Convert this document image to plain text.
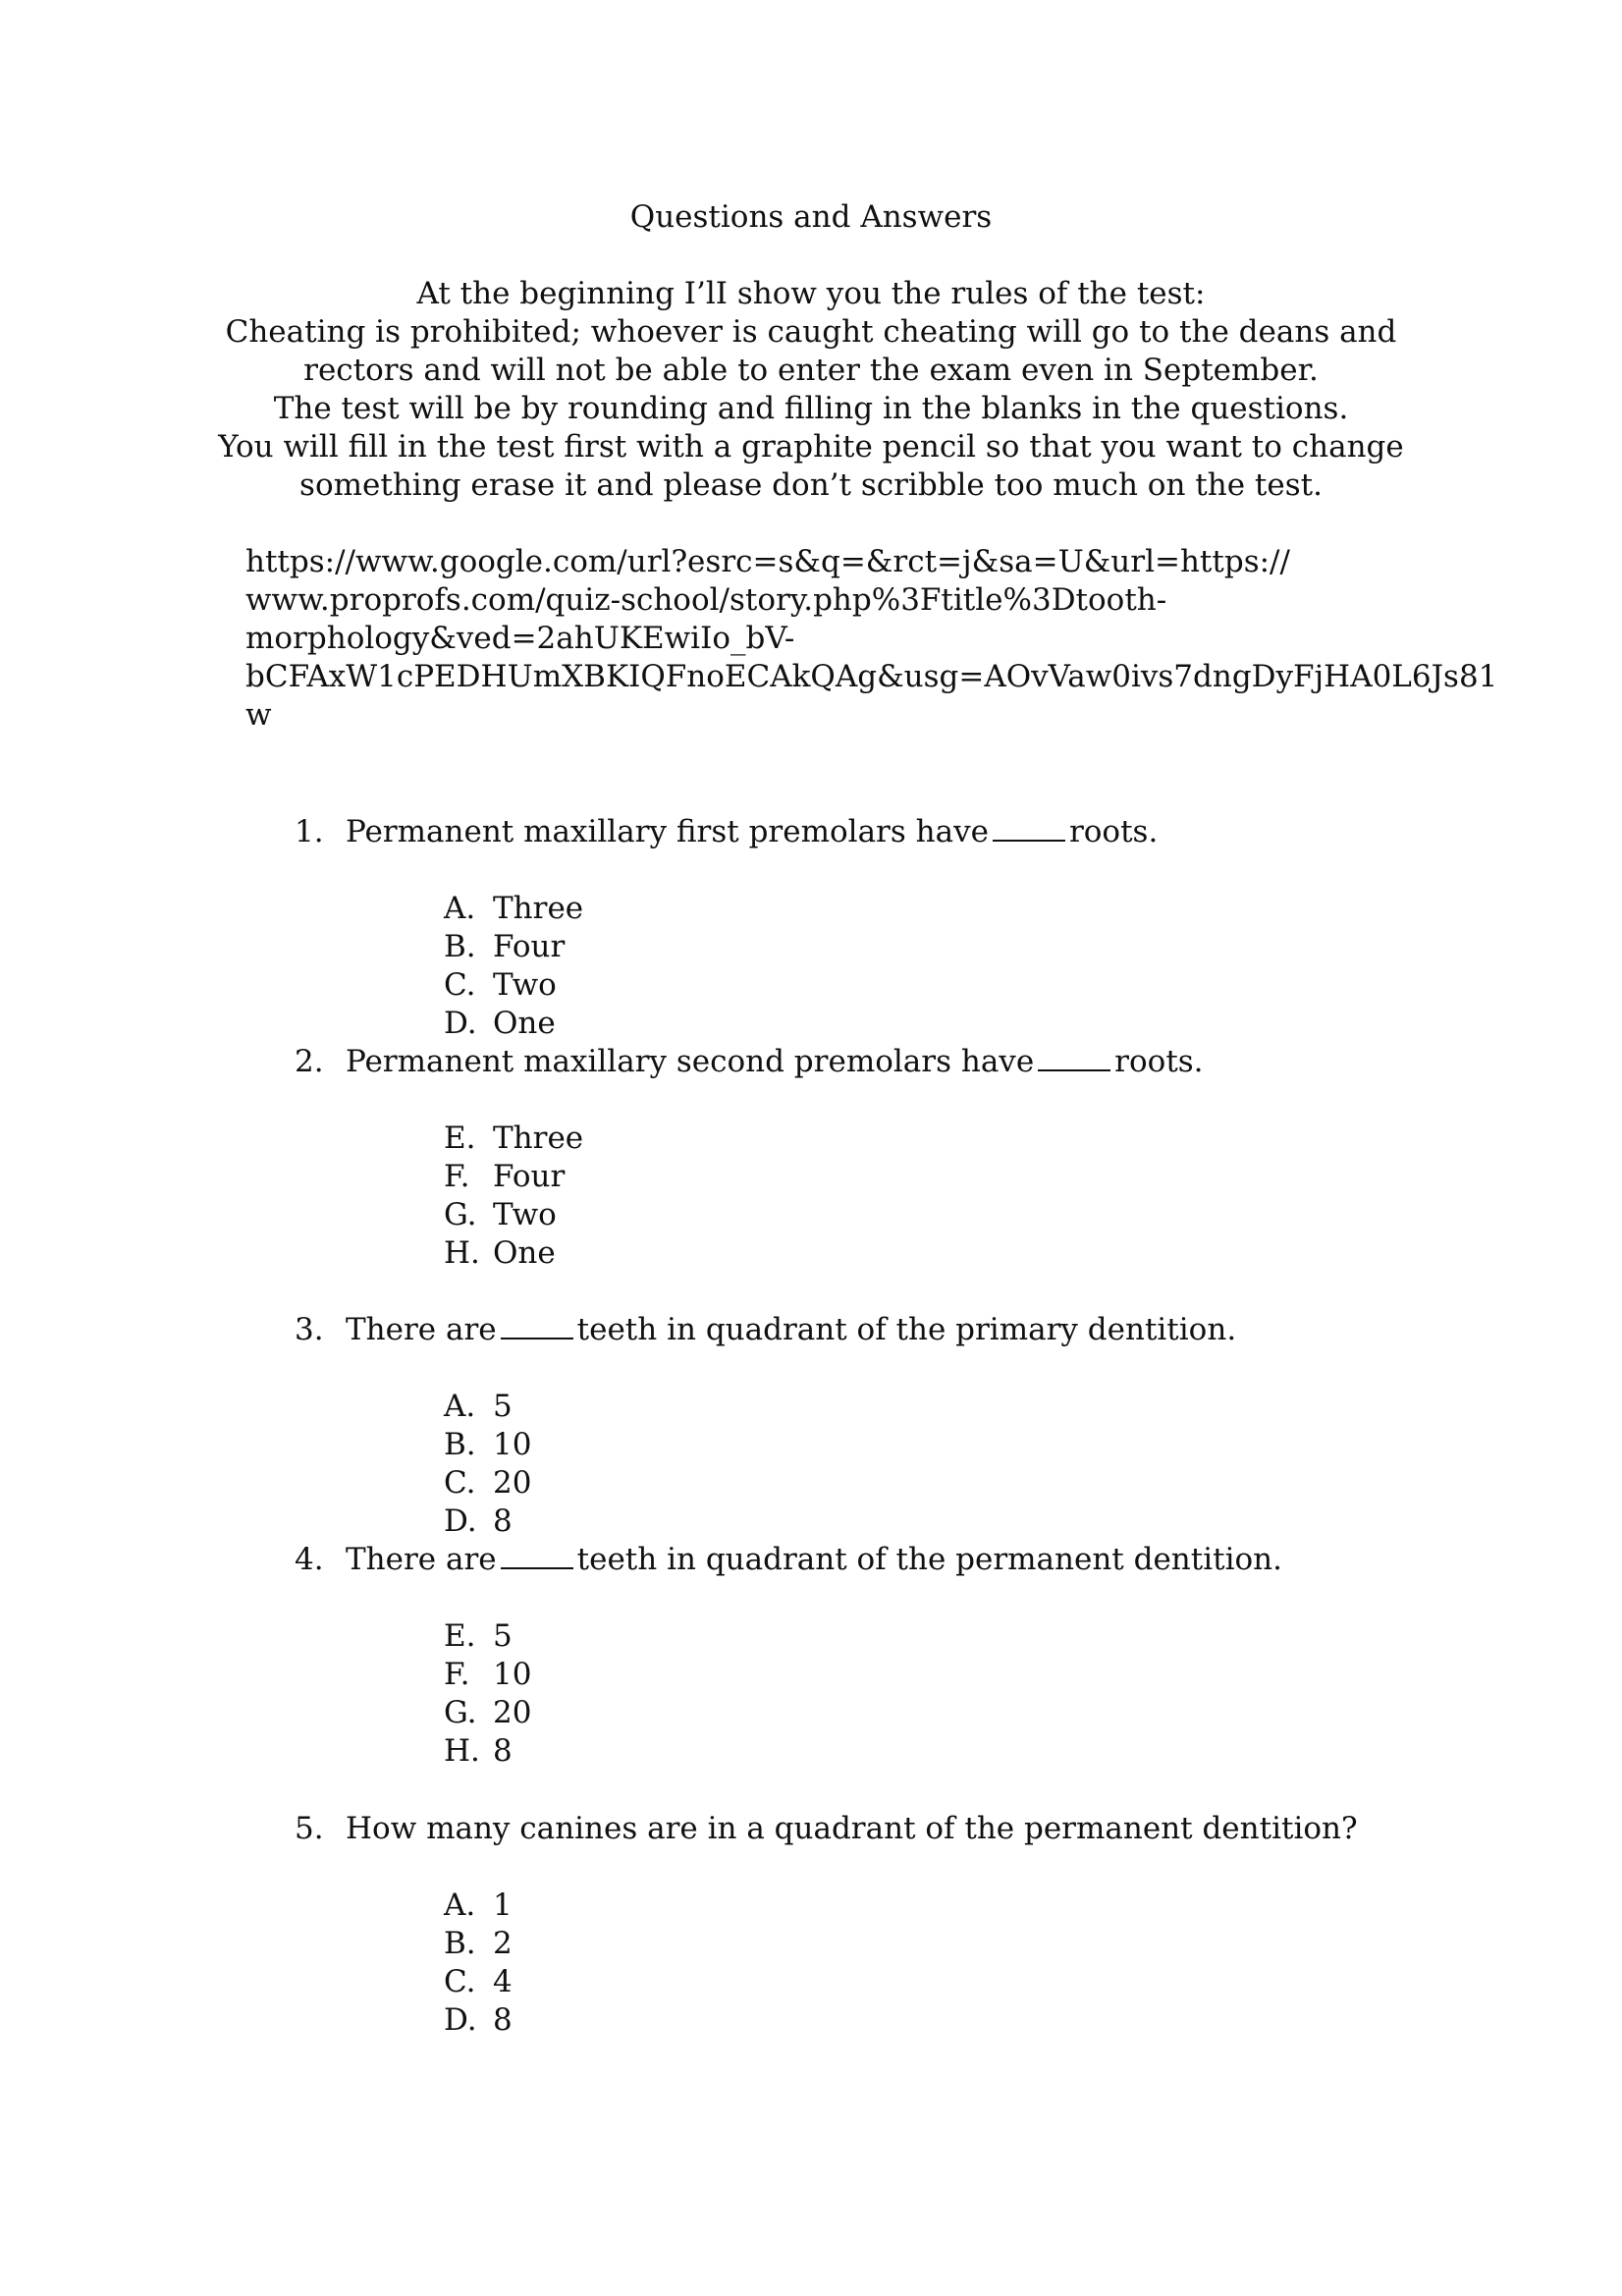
Questions and Answers
At the beginning I’lI show you the rules of the test:
Cheating is prohibited; whoever is caught cheating will go to the deans and
rectors and will not be able to enter the exam even in September.
The test will be by rounding and filling in the blanks in the questions.
You will fill in the test first with a graphite pencil so that you want to change
something erase it and please don’t scribble too much on the test.
https://www.google.com/url?esrc=s&q=&rct=j&sa=U&url=https://
www.proprofs.com/quiz-school/story.php%3Ftitle%3Dtooth-
morphology&ved=2ahUKEwiIo_bV-
bCFAxW1cPEDHUmXBKIQFnoECAkQAg&usg=AOvVaw0ivs7dngDyFjHA0L6Js81
w
1. Permanent maxillary first premolars have	roots.
A. Three
B. Four
C. Two
D. One
2. Permanent maxillary second premolars have	roots.
E. Three
F. Four
G. Two
H. One
3. There are	teeth in quadrant of the primary dentition.
A. 5
B. 10
C. 20
D. 8
4. There are	teeth in quadrant of the permanent dentition.
E. 5
F. 10
G. 20
H. 8
5. How many canines are in a quadrant of the permanent dentition?
A. 1
B. 2
C. 4
D. 8
